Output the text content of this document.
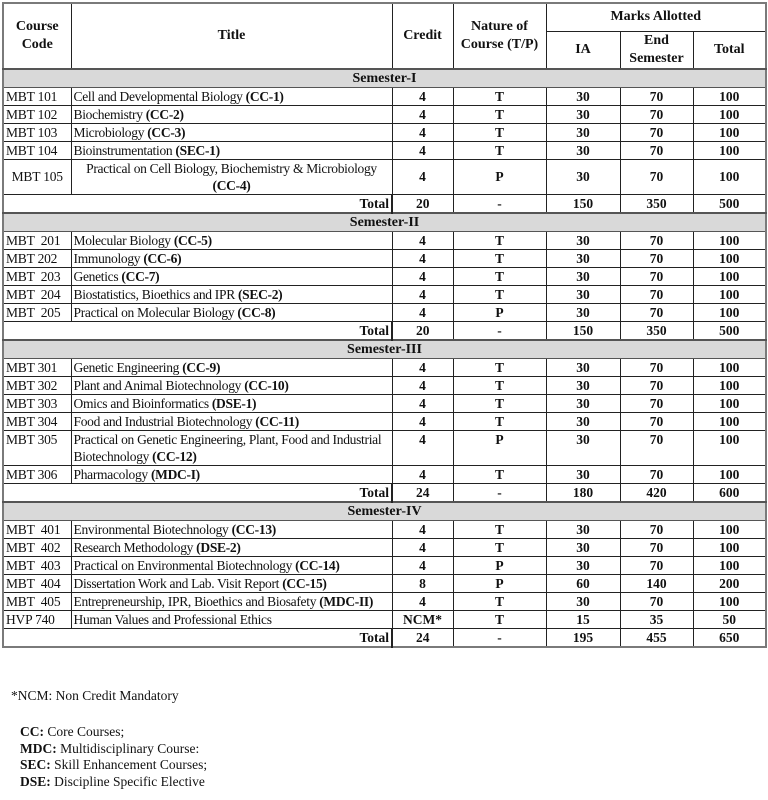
Course Code	Title	Credit	Nature of Course (T/P)	Marks Allotted		
				IA	End Semester	Total
Semester-I						
MBT 101	Cell and Developmental Biology (CC-1)	4	T	30	70	100
MBT 102	Biochemistry (CC-2)	4	T	30	70	100
MBT 103	Microbiology (CC-3)	4	T	30	70	100
MBT 104	Bioinstrumentation (SEC-1)	4	T	30	70	100
MBT 105	Practical on Cell Biology, Biochemistry & Microbiology (CC-4)	4	P	30	70	100
Total		20	-	150	350	500
Semester-II						
MBT  201	Molecular Biology (CC-5)	4	T	30	70	100
MBT 202	Immunology (CC-6)	4	T	30	70	100
MBT  203	Genetics (CC-7)	4	T	30	70	100
MBT  204	Biostatistics, Bioethics and IPR (SEC-2)	4	T	30	70	100
MBT  205	Practical on Molecular Biology (CC-8)	4	P	30	70	100
Total		20	-	150	350	500
Semester-III						
MBT 301	Genetic Engineering (CC-9)	4	T	30	70	100
MBT 302	Plant and Animal Biotechnology (CC-10)	4	T	30	70	100
MBT 303	Omics and Bioinformatics (DSE-1)	4	T	30	70	100
MBT 304	Food and Industrial Biotechnology (CC-11)	4	T	30	70	100
MBT 305	Practical on Genetic Engineering, Plant, Food and Industrial Biotechnology (CC-12)	4	P	30	70	100
MBT 306	Pharmacology (MDC-I)	4	T	30	70	100
Total		24	-	180	420	600
Semester-IV						
MBT  401	Environmental Biotechnology (CC-13)	4	T	30	70	100
MBT  402	Research Methodology (DSE-2)	4	T	30	70	100
MBT  403	Practical on Environmental Biotechnology (CC-14)	4	P	30	70	100
MBT  404	Dissertation Work and Lab. Visit Report (CC-15)	8	P	60	140	200
MBT  405	Entrepreneurship, IPR, Bioethics and Biosafety (MDC-II)	4	T	30	70	100
HVP 740	Human Values and Professional Ethics	NCM*	T	15	35	50
Total		24	-	195	455	650
*NCM: Non Credit Mandatory
CC: Core Courses;
MDC: Multidisciplinary Course:
SEC: Skill Enhancement Courses;
DSE: Discipline Specific Elective
